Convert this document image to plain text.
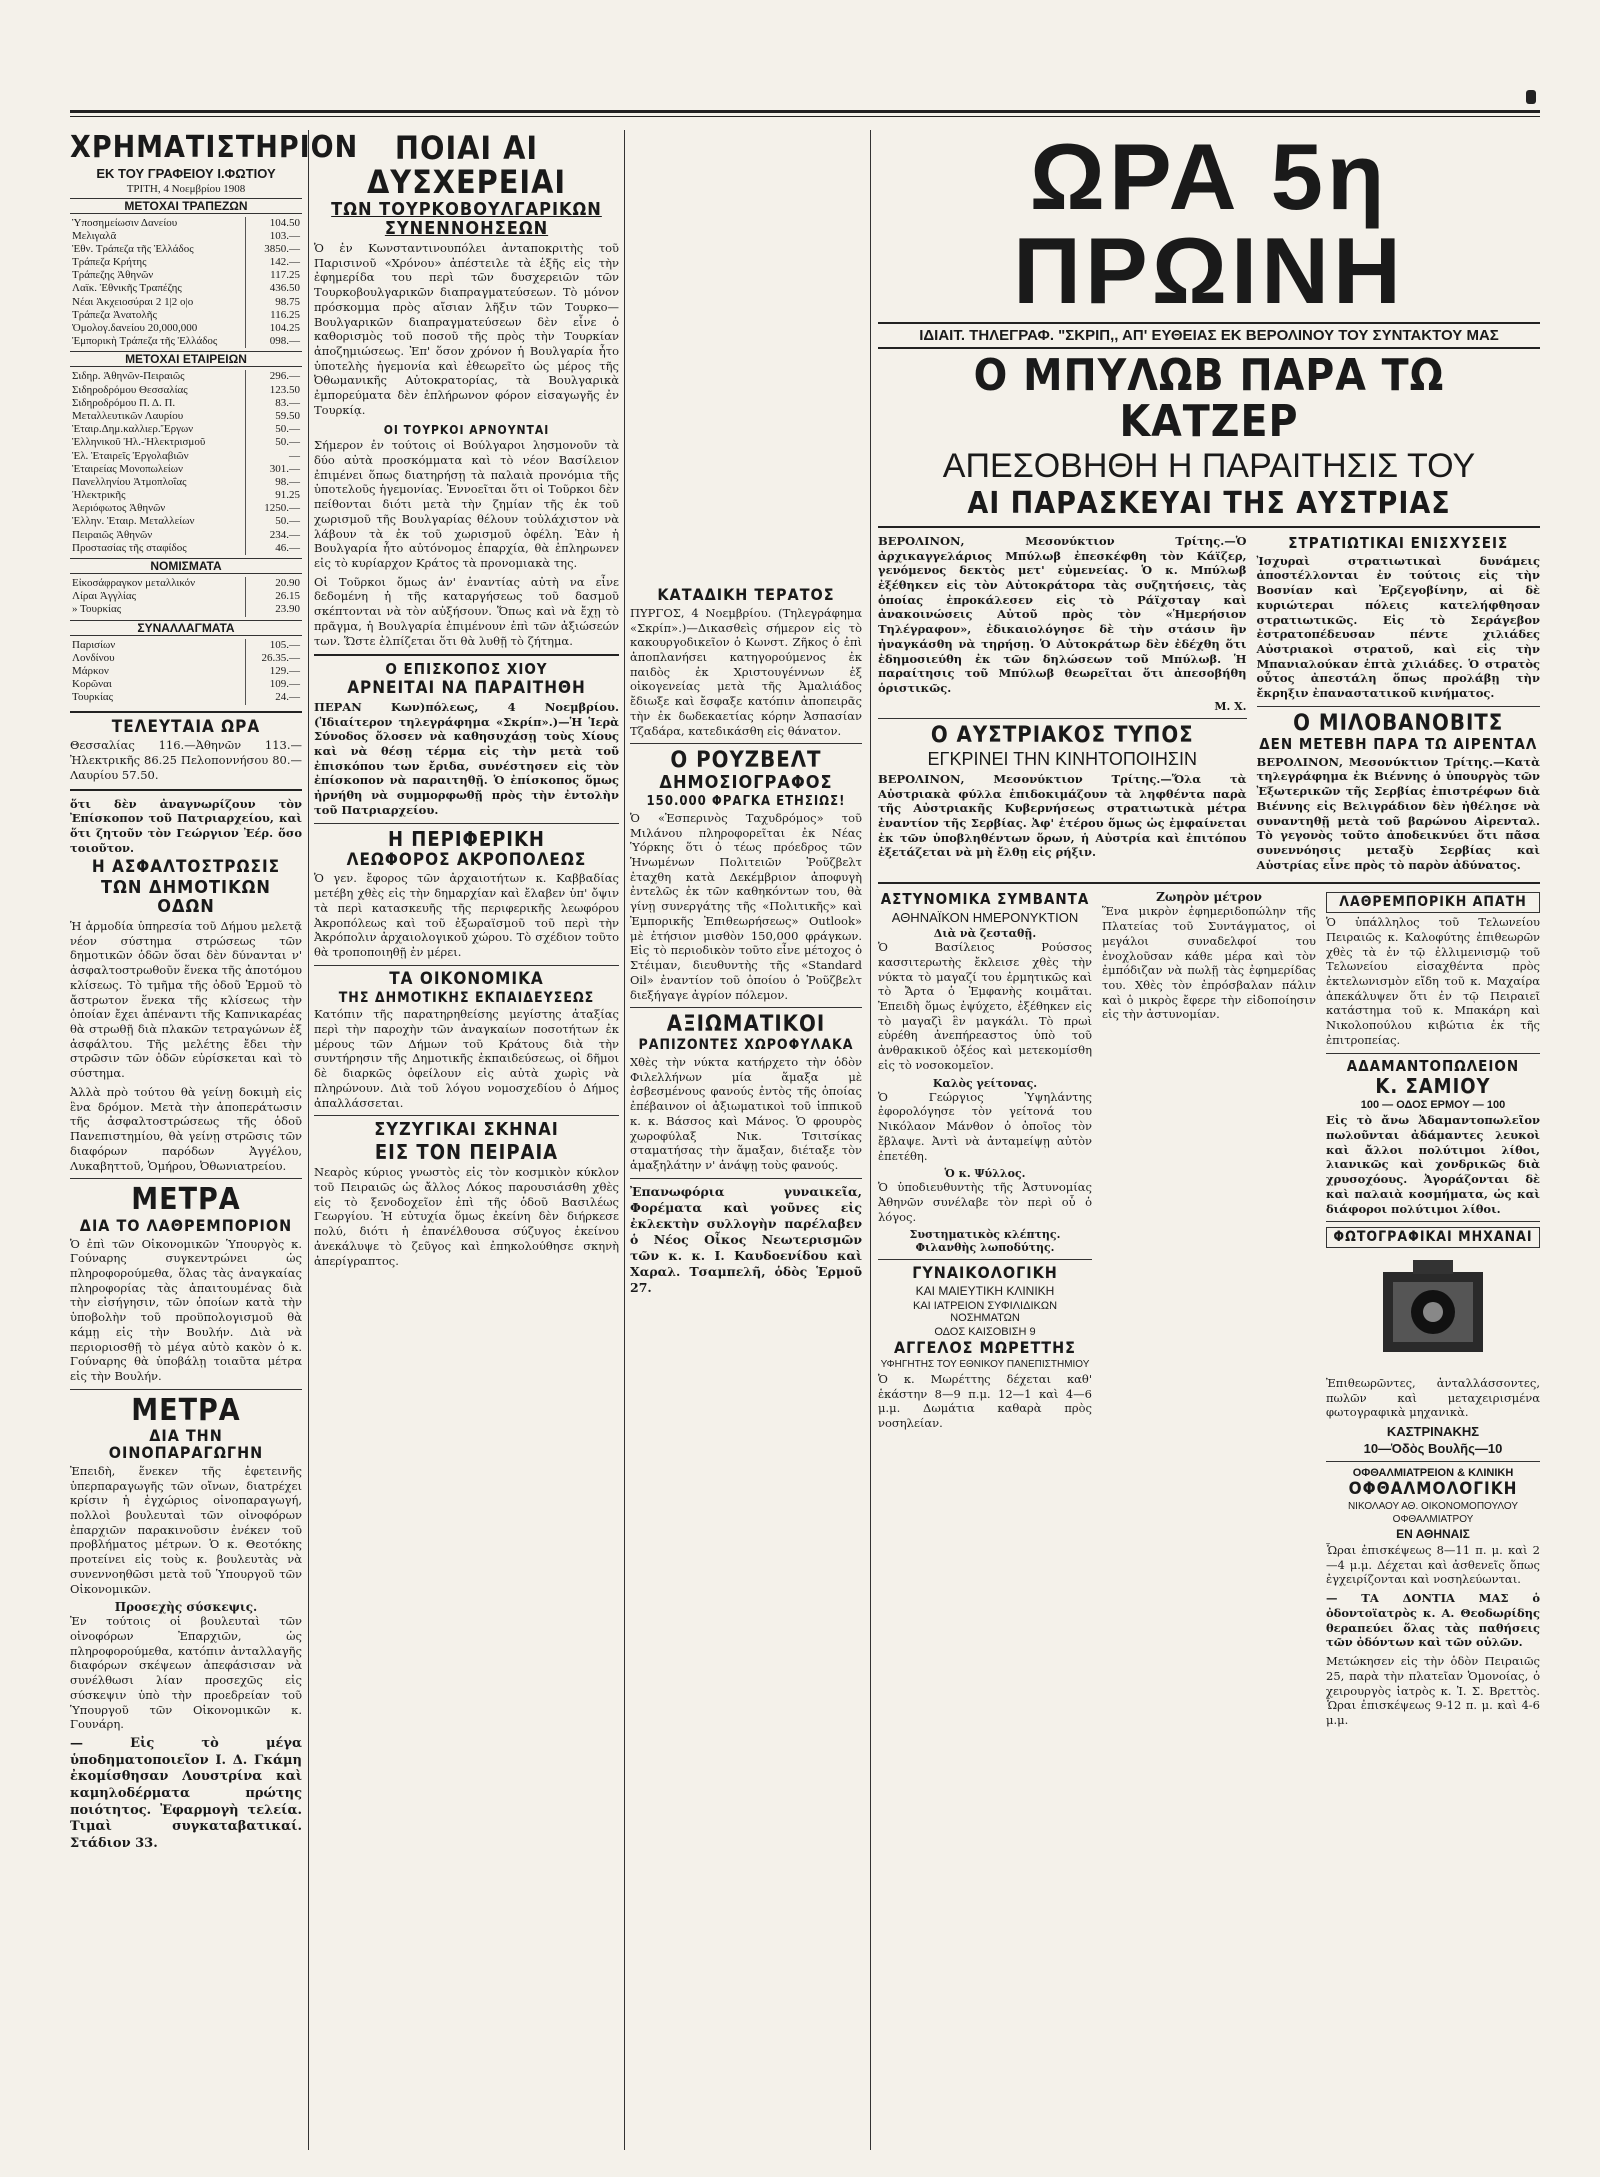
ΧΡΗΜΑΤΙΣΤΗΡΙΟΝ
ΕΚ ΤΟΥ ΓΡΑΦΕΙΟΥ Ι.ΦΩΤΙΟΥ
ΤΡΙΤΗ, 4 Νοεμβρίου 1908
ΜΕΤΟΧΑΙ ΤΡΑΠΕΖΩΝ
Ὑποσημείωσιν Δανείου	104.50
Μελιγαλᾶ	103.—
Ἐθν. Τράπεζα τῆς Ἑλλάδος	3850.—
Τράπεζα Κρήτης	142.—
Τράπεζης Ἀθηνῶν	117.25
Λαϊκ. Ἐθνικῆς Τραπέζης	436.50
Νέαι Ἀκχειοσύραι 2 1|2 ο|ο	98.75
Τράπεζα Ἀνατολῆς	116.25
Ὁμολογ.δανείου 20,000,000	104.25
Ἐμπορικὴ Τράπεζα τῆς Ἑλλάδος	098.—
ΜΕΤΟΧΑΙ ΕΤΑΙΡΕΙΩΝ
Σιδηρ. Ἀθηνῶν-Πειραιῶς	296.—
Σιδηροδρόμου Θεσσαλίας	123.50
Σιδηροδρόμου Π. Δ. Π.	83.—
Μεταλλευτικῶν Λαυρίου	59.50
Ἑταιρ.Δημ.καλλιερ.Ἔργων	50.—
Ἑλληνικοῦ Ἠλ.-Ἠλεκτρισμοῦ	50.—
Ἑλ. Ἑταιρεῖς Ἐργολαβιῶν	—
Ἑταιρείας Μονοπωλείων	301.—
Πανελληνίου Ἀτμοπλοΐας	98.—
Ἠλεκτρικῆς	91.25
Ἀεριόφωτος Ἀθηνῶν	1250.—
Ἑλλην. Ἑταιρ. Μεταλλείων	50.—
Πειραιῶς Ἀθηνῶν	234.—
Προστασίας τῆς σταφίδος	46.—
ΝΟΜΙΣΜΑΤΑ
Εἰκοσάφραγκον μεταλλικόν	20.90
Λίραι Ἀγγλίας	26.15
» Τουρκίας	23.90
ΣΥΝΑΛΛΑΓΜΑΤΑ
Παρισίων	105.—
Λονδίνου	26.35.—
Μάρκον	129.—
Κορῶναι	109.—
Τουρκίας	24.—
ΤΕΛΕΥΤΑΙΑ ΩΡΑ

Θεσσαλίας 116.—Ἀθηνῶν 113.— Ἠλεκτρικῆς 86.25 Πελοποννήσου 80.— Λαυρίου 57.50.

ὅτι δὲν ἀναγνωρίζουν τὸν Ἐπίσκοπον τοῦ Πατριαρχείου, καὶ ὅτι ζητοῦν τὸν Γεώργιον Ἐέρ. ὅσο τοιοῦτον.

Η ΑΣΦΑΛΤΟΣΤΡΩΣΙΣ
ΤΩΝ ΔΗΜΟΤΙΚΩΝ ΟΔΩΝ

Ἡ ἁρμοδία ὑπηρεσία τοῦ Δήμου μελετᾷ νέον σύστημα στρώσεως τῶν δημοτικῶν ὁδῶν ὅσαι δὲν δύνανται ν' ἀσφαλτοστρωθοῦν ἕνεκα τῆς ἀποτόμου κλίσεως. Τὸ τμῆμα τῆς ὁδοῦ Ἑρμοῦ τὸ ἄστρωτον ἕνεκα τῆς κλίσεως τὴν ὁποίαν ἔχει ἀπέναντι τῆς Καπνικαρέας θὰ στρωθῇ διὰ πλακῶν τετραγώνων ἐξ ἀσφάλτου. Τῆς μελέτης ἔδει τὴν στρῶσιν τῶν ὁδῶν εὑρίσκεται καὶ τὸ σύστημα.

Ἀλλὰ πρὸ τούτου θὰ γείνῃ δοκιμὴ εἰς ἓνα δρόμον. Μετὰ τὴν ἀποπεράτωσιν τῆς ἀσφαλτοστρώσεως τῆς ὁδοῦ Πανεπιστημίου, θὰ γείνῃ στρῶσις τῶν διαφόρων παρόδων Ἀγγέλου, Λυκαβηττοῦ, Ὁμήρου, Ὀθωνιατρείου.

ΜΕΤΡΑ
ΔΙΑ ΤΟ ΛΑΘΡΕΜΠΟΡΙΟΝ

Ὁ ἐπὶ τῶν Οἰκονομικῶν Ὑπουργὸς κ. Γούναρης συγκεντρώνει ὡς πληροφορούμεθα, ὅλας τὰς ἀναγκαίας πληροφορίας τὰς ἀπαιτουμένας διὰ τὴν εἰσήγησιν, τῶν ὁποίων κατὰ τὴν ὑποβολὴν τοῦ προϋπολογισμοῦ θὰ κάμῃ εἰς τὴν Βουλήν. Διὰ νὰ περιοριοσθῇ τὸ μέγα αὐτὸ κακὸν ὁ κ. Γούναρης θὰ ὑποβάλῃ τοιαῦτα μέτρα εἰς τὴν Βουλήν.

ΜΕΤΡΑ
ΔΙΑ ΤΗΝ ΟΙΝΟΠΑΡΑΓΩΓΗΝ

Ἐπειδὴ, ἕνεκεν τῆς ἐφετεινῆς ὑπερπαραγωγῆς τῶν οἴνων, διατρέχει κρίσιν ἡ ἐγχώριος οἰνοπαραγωγή, πολλοὶ βουλευταὶ τῶν οἰνοφόρων ἐπαρχιῶν παρακινοῦσιν ἐνέκεν τοῦ προβλήματος μέτρων. Ὁ κ. Θεοτόκης προτείνει εἰς τοὺς κ. βουλευτὰς νὰ συνεννοηθῶσι μετὰ τοῦ Ὑπουργοῦ τῶν Οἰκονομικῶν.

Προσεχὴς σύσκεψις.

Ἐν τούτοις οἱ βουλευταὶ τῶν οἰνοφόρων Ἐπαρχιῶν, ὡς πληροφορούμεθα, κατόπιν ἀνταλλαγῆς διαφόρων σκέψεων ἀπεφάσισαν νὰ συνέλθωσι λίαν προσεχῶς εἰς σύσκεψιν ὑπὸ τὴν προεδρείαν τοῦ Ὑπουργοῦ τῶν Οἰκονομικῶν κ. Γουνάρη.

— Εἰς τὸ μέγα ὑποδηματοποιεῖον Ι. Δ. Γκάμη ἐκομίσθησαν Λουστρίνα καὶ καμηλοδέρματα πρώτης ποιότητος. Ἐφαρμογὴ τελεία. Τιμαὶ συγκαταβατικαί. Στάδιον 33.

ΠΟΙΑΙ ΑΙ ΔΥΣΧΕΡΕΙΑΙ
ΤΩΝ ΤΟΥΡΚΟΒΟΥΛΓΑΡΙΚΩΝ ΣΥΝΕΝΝΟΗΣΕΩΝ

Ὁ ἐν Κωνσταντινουπόλει ἀνταποκριτὴς τοῦ Παρισινοῦ «Χρόνου» ἀπέστειλε τὰ ἑξῆς εἰς τὴν ἐφημερίδα του περὶ τῶν δυσχερειῶν τῶν Τουρκοβουλγαρικῶν διαπραγματεύσεων. Τὸ μόνον πρόσκομμα πρὸς αἴσιαν λῆξιν τῶν Τουρκο—Βουλγαρικῶν διαπραγματεύσεων δὲν εἶνε ὁ καθορισμὸς τοῦ ποσοῦ τῆς πρὸς τὴν Τουρκίαν ἀποζημιώσεως. Ἐπ' ὅσον χρόνον ἡ Βουλγαρία ἦτο ὑποτελὴς ἡγεμονία καὶ ἐθεωρεῖτο ὡς μέρος τῆς Ὀθωμανικῆς Αὐτοκρατορίας, τὰ Βουλγαρικὰ ἐμπορεύματα δὲν ἐπλήρωνον φόρον εἰσαγωγῆς ἐν Τουρκίᾳ.

ΟΙ ΤΟΥΡΚΟΙ ΑΡΝΟΥΝΤΑΙ

Σήμερον ἐν τούτοις οἱ Βούλγαροι λησμονοῦν τὰ δύο αὐτὰ προσκόμματα καὶ τὸ νέον Βασίλειον ἐπιμένει ὅπως διατηρήσῃ τὰ παλαιὰ προνόμια τῆς ὑποτελοῦς ἡγεμονίας. Ἐννοεῖται ὅτι οἱ Τοῦρκοι δὲν πείθονται διότι μετὰ τὴν ζημίαν τῆς ἐκ τοῦ χωρισμοῦ τῆς Βουλγαρίας θέλουν τοὐλάχιστον νὰ λάβουν τὰ ἐκ τοῦ χωρισμοῦ ὀφέλη. Ἐὰν ἡ Βουλγαρία ἦτο αὐτόνομος ἐπαρχία, θὰ ἐπληρωνεν εἰς τὸ κυρίαρχον Κράτος τὰ προνομιακὰ της.

Οἱ Τοῦρκοι ὅμως ἀν' ἐναντίας αὐτὴ να εἶνε δεδομένη ἡ τῆς καταργήσεως τοῦ δασμοῦ σκέπτονται νὰ τὸν αὐξήσουν. Ὅπως καὶ νὰ ἔχῃ τὸ πρᾶγμα, ἡ Βουλγαρία ἐπιμένουν ἐπὶ τῶν ἀξιώσεών των. Ὥστε ἐλπίζεται ὅτι θὰ λυθῇ τὸ ζήτημα.

Ο ΕΠΙΣΚΟΠΟΣ ΧΙΟΥ
ΑΡΝΕΙΤΑΙ ΝΑ ΠΑΡΑΙΤΗΘΗ

ΠΕΡΑΝ Κων)πόλεως, 4 Νοεμβρίου. (Ἰδιαίτερον τηλεγράφημα «Σκρίπ».)—Ἡ Ἱερὰ Σύνοδος ὅλοσεν νὰ καθησυχάσῃ τοὺς Χίους καὶ νὰ θέσῃ τέρμα εἰς τὴν μετὰ τοῦ ἐπισκόπου των ἔριδα, συνέστησεν εἰς τὸν ἐπίσκοπον νὰ παραιτηθῇ. Ὁ ἐπίσκοπος ὅμως ἠρνήθη νὰ συμμορφωθῇ πρὸς τὴν ἐντολὴν τοῦ Πατριαρχείου.

Η ΠΕΡΙΦΕΡΙΚΗ
ΛΕΩΦΟΡΟΣ ΑΚΡΟΠΟΛΕΩΣ

Ὁ γεν. ἔφορος τῶν ἀρχαιοτήτων κ. Καββαδίας μετέβη χθὲς εἰς τὴν δημαρχίαν καὶ ἔλαβεν ὑπ' ὄψιν τὰ περὶ κατασκευῆς τῆς περιφερικῆς λεωφόρου Ἀκροπόλεως καὶ τοῦ ἐξωραϊσμοῦ τοῦ περὶ τὴν Ἀκρόπολιν ἀρχαιολογικοῦ χώρου. Τὸ σχέδιον τοῦτο θὰ τροποποιηθῇ ἐν μέρει.

ΤΑ ΟΙΚΟΝΟΜΙΚΑ
ΤΗΣ ΔΗΜΟΤΙΚΗΣ ΕΚΠΑΙΔΕΥΣΕΩΣ

Κατόπιν τῆς παρατηρηθείσης μεγίστης ἀταξίας περὶ τὴν παροχὴν τῶν ἀναγκαίων ποσοτήτων ἐκ μέρους τῶν Δήμων τοῦ Κράτους διὰ τὴν συντήρησιν τῆς Δημοτικῆς ἐκπαιδεύσεως, οἱ δῆμοι δὲ διαρκῶς ὀφείλουν εἰς αὐτὰ χωρὶς νὰ πληρώνουν. Διὰ τοῦ λόγου νομοσχεδίου ὁ Δήμος ἀπαλλάσσεται.

ΣΥΖΥΓΙΚΑΙ ΣΚΗΝΑΙ
ΕΙΣ ΤΟΝ ΠΕΙΡΑΙΑ

Νεαρὸς κύριος γνωστὸς εἰς τὸν κοσμικὸν κύκλον τοῦ Πειραιῶς ὡς ἄλλος Λόκος παρουσιάσθη χθὲς εἰς τὸ ξενοδοχεῖον ἐπὶ τῆς ὁδοῦ Βασιλέως Γεωργίου. Ἡ εὐτυχία ὅμως ἐκείνη δὲν διήρκεσε πολύ, διότι ἡ ἐπανέλθουσα σύζυγος ἐκείνου ἀνεκάλυψε τὸ ζεῦγος καὶ ἐπηκολούθησε σκηνὴ ἀπερίγραπτος.

ΚΑΤΑΔΙΚΗ ΤΕΡΑΤΟΣ

ΠΥΡΓΟΣ, 4 Νοεμβρίου. (Τηλεγράφημα «Σκρίπ».)—Δικασθεὶς σήμερον εἰς τὸ κακουργοδικεῖον ὁ Κωνστ. Ζῆκος ὁ ἐπὶ ἀποπλανήσει κατηγορούμενος ἐκ παιδὸς ἐκ Χριστουγέννων ἐξ οἰκογενείας μετὰ τῆς Ἀμαλιάδος ἔδιωξε καὶ ἔσφαξε κατόπιν ἀποπειρᾶς τὴν ἐκ δωδεκαετίας κόρην Ἀσπασίαν Τζαδάρα, κατεδικάσθη εἰς θάνατον.

Ο ΡΟΥΖΒΕΛΤ
ΔΗΜΟΣΙΟΓΡΑΦΟΣ
150.000 ΦΡΑΓΚΑ ΕΤΗΣΙΩΣ!

Ὁ «Ἑσπερινὸς Ταχυδρόμος» τοῦ Μιλάνου πληροφορεῖται ἐκ Νέας Ὑόρκης ὅτι ὁ τέως πρόεδρος τῶν Ἡνωμένων Πολιτειῶν Ῥοῦζβελτ ἐταχθη κατὰ Δεκέμβριον ἀποφυγὴ ἐντελῶς ἐκ τῶν καθηκόντων του, θὰ γίνῃ συνεργάτης τῆς «Πολιτικῆς» καὶ Ἐμπορικῆς Ἐπιθεωρήσεως» Outlook» μὲ ἐτήσιον μισθὸν 150,000 φράγκων. Εἰς τὸ περιοδικὸν τοῦτο εἶνε μέτοχος ὁ Στέιμαν, διευθυντὴς τῆς «Standard Oil» ἐναντίον τοῦ ὁποίου ὁ Ῥοῦζβελτ διεξήγαγε ἀγρίον πόλεμον.

ΑΞΙΩΜΑΤΙΚΟΙ
ΡΑΠΙΖΟΝΤΕΣ ΧΩΡΟΦΥΛΑΚΑ

Χθὲς τὴν νύκτα κατήρχετο τὴν ὁδὸν Φιλελλήνων μία ἅμαξα μὲ ἐσβεσμένους φανούς ἐντὸς τῆς ὁποίας ἐπέβαινον οἱ ἀξιωματικοὶ τοῦ ἱππικοῦ κ. κ. Βάσσος καὶ Μάνος. Ὁ φρουρὸς χωροφύλαξ Νικ. Τσιτσίκας σταματήσας τὴν ἅμαξαν, διέταξε τὸν ἁμαξηλάτην ν' ἀνάψῃ τοὺς φανούς.

Ἐπανωφόρια γυναικεῖα, Φορέματα καὶ γοῦνες εἰς ἐκλεκτὴν συλλογὴν παρέλαβεν ὁ Νέος Οἶκος Νεωτερισμῶν τῶν κ. κ. Ι. Καυδοενίδου καὶ Χαραλ. Τσαμπελῆ, ὁδὸς Ἑρμοῦ 27.

ΩΡΑ 5η ΠΡΩΙΝΗ
ΙΔΙΑΙΤ. ΤΗΛΕΓΡΑΦ. "ΣΚΡΙΠ,, ΑΠ' ΕΥΘΕΙΑΣ ΕΚ ΒΕΡΟΛΙΝΟΥ ΤΟΥ ΣΥΝΤΑΚΤΟΥ ΜΑΣ
Ο ΜΠΥΛΩΒ ΠΑΡΑ ΤΩ ΚΑΤΖΕΡ
ΑΠΕΣΟΒΗΘΗ Η ΠΑΡΑΙΤΗΣΙΣ ΤΟΥ
ΑΙ ΠΑΡΑΣΚΕΥΑΙ ΤΗΣ ΑΥΣΤΡΙΑΣ

ΒΕΡΟΛΙΝΟΝ, Μεσονύκτιον Τρίτης.—Ὁ ἀρχικαγγελάριος Μπύλωβ ἐπεσκέφθη τὸν Κάϊζερ, γενόμενος δεκτὸς μετ' εὐμενείας. Ὁ κ. Μπύλωβ ἐξέθηκεν εἰς τὸν Αὐτοκράτορα τὰς συζητήσεις, τὰς ὁποίας ἐπροκάλεσεν εἰς τὸ Ράϊχσταγ καὶ ἀνακοινώσεις Αὐτοῦ πρὸς τὸν «Ἡμερήσιον Τηλέγραφον», ἐδικαιολόγησε δὲ τὴν στάσιν ἣν ἠναγκάσθη νὰ τηρήσῃ. Ὁ Αὐτοκράτωρ δὲν ἐδέχθη ὅτι ἐδημοσιεύθη ἐκ τῶν δηλώσεων τοῦ Μπύλωβ. Ἡ παραίτησις τοῦ Μπύλωβ θεωρεῖται ὅτι ἀπεσοβήθη ὁριστικῶς.

Μ. Χ.
Ο ΑΥΣΤΡΙΑΚΟΣ ΤΥΠΟΣ
ΕΓΚΡΙΝΕΙ ΤΗΝ ΚΙΝΗΤΟΠΟΙΗΣΙΝ

ΒΕΡΟΛΙΝΟΝ, Μεσονύκτιον Τρίτης.—Ὅλα τὰ Αὐστριακὰ φύλλα ἐπιδοκιμάζουν τὰ ληφθέντα παρὰ τῆς Αὐστριακῆς Κυβερνήσεως στρατιωτικὰ μέτρα ἐναντίον τῆς Σερβίας. Ἀφ' ἑτέρου ὅμως ὡς ἐμφαίνεται ἐκ τῶν ὑποβληθέντων ὅρων, ἡ Αὐστρία καὶ ἐπιτόπου ἐξετάζεται νὰ μὴ ἔλθῃ εἰς ρήξιν.

ΣΤΡΑΤΙΩΤΙΚΑΙ ΕΝΙΣΧΥΣΕΙΣ

Ἰσχυραὶ στρατιωτικαὶ δυνάμεις ἀποστέλλονται ἐν τούτοις εἰς τὴν Βοσνίαν καὶ Ἐρζεγοβίνην, αἱ δὲ κυριώτεραι πόλεις κατελήφθησαν στρατιωτικῶς. Εἰς τὸ Σεράγεβον ἐστρατοπέδευσαν πέντε χιλιάδες Αὐστριακοὶ στρατοῦ, καὶ εἰς τὴν Μπανιαλούκαν ἑπτὰ χιλιάδες. Ὁ στρατὸς οὗτος ἀπεστάλη ὅπως προλάβῃ τὴν ἔκρηξιν ἐπαναστατικοῦ κινήματος.

Ο ΜΙΛΟΒΑΝΟΒΙΤΣ
ΔΕΝ ΜΕΤΕΒΗ ΠΑΡΑ ΤΩ ΑΙΡΕΝΤΑΛ

ΒΕΡΟΛΙΝΟΝ, Μεσονύκτιον Τρίτης.—Κατὰ τηλεγράφημα ἐκ Βιέννης ὁ ὑπουργὸς τῶν Ἐξωτερικῶν τῆς Σερβίας ἐπιστρέφων διὰ Βιέννης εἰς Βελιγράδιον δὲν ἠθέλησε νὰ συναντηθῇ μετὰ τοῦ βαρώνου Αἰρενταλ. Τὸ γεγονὸς τοῦτο ἀποδεικνύει ὅτι πᾶσα συνεννόησις μεταξὺ Σερβίας καὶ Αὐστρίας εἶνε πρὸς τὸ παρὸν ἀδύνατος.

ΑΣΤΥΝΟΜΙΚΑ ΣΥΜΒΑΝΤΑ
ΑΘΗΝΑΪΚΟΝ ΗΜΕΡΟΝΥΚΤΙΟΝ
Διὰ νὰ ζεσταθῇ.

Ὁ Βασίλειος Ρούσσος κασσιτερωτὴς ἔκλεισε χθὲς τὴν νύκτα τὸ μαγαζί του ἐρμητικῶς καὶ τὸ Ἄρτα ὁ Ἐμφανὴς κοιμᾶται. Ἐπειδὴ ὅμως ἐψύχετο, ἐξέθηκεν εἰς τὸ μαγαζὶ ἓν μαγκάλι. Τὸ πρωὶ εὑρέθη ἀνεπήρεαστος ὑπὸ τοῦ ἀνθρακικοῦ ὀξέος καὶ μετεκομίσθη εἰς τὸ νοσοκομεῖον.

Καλὸς γείτονας.

Ὁ Γεώργιος Ὑψηλάντης ἐφορολόγησε τὸν γείτονά του Νικόλαον Μάνθον ὁ ὁποῖος τὸν ἔβλαψε. Ἀντὶ νὰ ἀνταμείψῃ αὐτὸν ἐπετέθη.

Ὁ κ. Ψύλλος.

Ὁ ὑποδιευθυντὴς τῆς Ἀστυνομίας Ἀθηνῶν συνέλαβε τὸν περὶ οὗ ὁ λόγος.

Συστηματικὸς κλέπτης.
Φιλανθὴς λωποδύτης.
ΓΥΝΑΙΚΟΛΟΓΙΚΗ
ΚΑΙ ΜΑΙΕΥΤΙΚΗ ΚΛΙΝΙΚΗ
ΚΑΙ ΙΑΤΡΕΙΟΝ ΣΥΦΙΛΙΔΙΚΩΝ ΝΟΣΗΜΑΤΩΝ
ΟΔΟΣ ΚΑΙΣΟΒΙΣΗ 9
ΑΓΓΕΛΟΣ ΜΩΡΕΤΤΗΣ
ΥΦΗΓΗΤΗΣ ΤΟΥ ΕΘΝΙΚΟΥ ΠΑΝΕΠΙΣΤΗΜΙΟΥ

Ὁ κ. Μωρέττης δέχεται καθ' ἑκάστην 8—9 π.μ. 12—1 καὶ 4—6 μ.μ. Δωμάτια καθαρὰ πρὸς νοσηλείαν.

Ζωηρὸν μέτρον

Ἕνα μικρὸν ἐφημεριδοπώλην τῆς Πλατείας τοῦ Συντάγματος, οἱ μεγάλοι συναδελφοί του ἐνοχλοῦσαν κάθε μέρα καὶ τὸν ἐμπόδιζαν νὰ πωλῇ τὰς ἐφημερίδας του. Χθὲς τὸν ἐπρόσβαλαν πάλιν καὶ ὁ μικρὸς ἔφερε τὴν εἰδοποίησιν εἰς τὴν ἀστυνομίαν.

ΛΑΘΡΕΜΠΟΡΙΚΗ ΑΠΑΤΗ

Ὁ ὑπάλληλος τοῦ Τελωνείου Πειραιῶς κ. Καλοφύτης ἐπιθεωρῶν χθὲς τὰ ἐν τῷ ἐλλιμενισμῷ τοῦ Τελωνείου εἰσαχθέντα πρὸς ἐκτελωνισμὸν εἴδη τοῦ κ. Μαχαίρα ἀπεκάλυψεν ὅτι ἐν τῷ Πειραιεῖ κατάστημα τοῦ κ. Μπακάρη καὶ Νικολοπούλου κιβώτια ἐκ τῆς ἐπιτροπείας.

ΑΔΑΜΑΝΤΟΠΩΛΕΙΟΝ
Κ. ΣΑΜΙΟΥ
100 — ΟΔΟΣ ΕΡΜΟΥ — 100

Εἰς τὸ ἄνω Ἀδαμαντοπωλεῖον πωλοῦνται ἀδάμαντες λευκοὶ καὶ ἄλλοι πολύτιμοι λίθοι, λιανικῶς καὶ χονδρικῶς διὰ χρυσοχόους. Ἀγοράζονται δὲ καὶ παλαιὰ κοσμήματα, ὡς καὶ διάφοροι πολύτιμοι λίθοι.

ΦΩΤΟΓΡΑΦΙΚΑΙ ΜΗΧΑΝΑΙ

Ἐπιθεωρῶντες, ἀνταλλάσσοντες, πωλῶν καὶ μεταχειρισμένα φωτογραφικὰ μηχανικὰ.

ΚΑΣΤΡΙΝΑΚΗΣ
10—Ὁδὸς Βουλῆς—10
ΟΦΘΑΛΜΙΑΤΡΕΙΟΝ & ΚΛΙΝΙΚΗ
ΟΦΘΑΛΜΟΛΟΓΙΚΗ
ΝΙΚΟΛΑΟΥ ΑΘ. ΟΙΚΟΝΟΜΟΠΟΥΛΟΥ
ΟΦΘΑΛΜΙΑΤΡΟΥ
ΕΝ ΑΘΗΝΑΙΣ

Ὧραι ἐπισκέψεως 8—11 π. μ. καὶ 2—4 μ.μ. Δέχεται καὶ ἀσθενεῖς ὅπως ἐγχειρίζονται καὶ νοσηλεύωνται.

— ΤΑ ΔΟΝΤΙΑ ΜΑΣ ὁ ὀδοντοϊατρὸς κ. Α. Θεοδωρίδης θεραπεύει ὅλας τὰς παθήσεις τῶν ὀδόντων καὶ τῶν οὐλῶν.

Μετώκησεν εἰς τὴν ὁδὸν Πειραιῶς 25, παρὰ τὴν πλατεῖαν Ὁμονοίας, ὁ χειρουργὸς ἰατρὸς κ. Ἰ. Σ. Βρεττὸς. Ὧραι ἐπισκέψεως 9-12 π. μ. καὶ 4-6 μ.μ.
